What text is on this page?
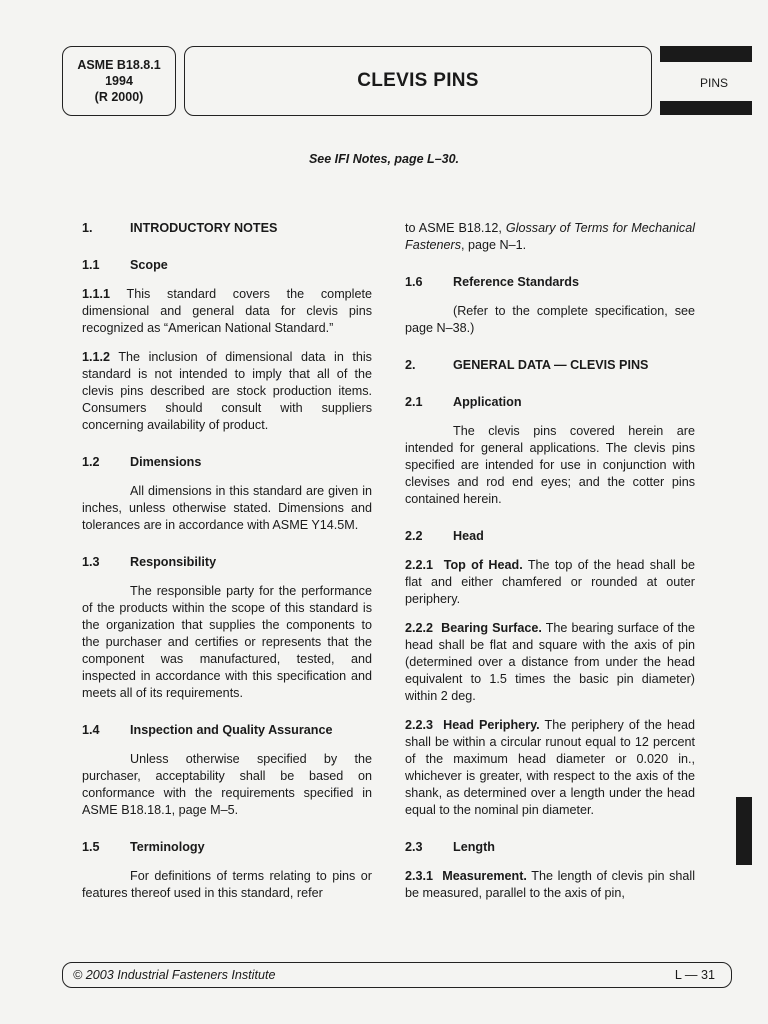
ASME B18.8.1
1994
(R 2000)
CLEVIS PINS	PINS
See IFI Notes, page L–30.
1.	INTRODUCTORY NOTES
1.1	Scope

1.1.1 This standard covers the complete dimensional and general data for clevis pins recognized as “American National Standard.”

1.1.2 The inclusion of dimensional data in this standard is not intended to imply that all of the clevis pins described are stock production items. Consumers should consult with suppliers concerning availability of product.

1.2	Dimensions

All dimensions in this standard are given in inches, unless otherwise stated. Dimensions and tolerances are in accordance with ASME Y14.5M.

1.3	Responsibility

The responsible party for the performance of the products within the scope of this standard is the organization that supplies the components to the purchaser and certifies or represents that the component was manufactured, tested, and inspected in accordance with this specification and meets all of its requirements.

1.4	Inspection and Quality Assurance

Unless otherwise specified by the purchaser, acceptability shall be based on conformance with the requirements specified in ASME B18.18.1, page M–5.

1.5	Terminology

For definitions of terms relating to pins or features thereof used in this standard, refer

to ASME B18.12, Glossary of Terms for Mechanical Fasteners, page N–1.

1.6	Reference Standards

(Refer to the complete specification, see page N–38.)

2.	GENERAL DATA — CLEVIS PINS
2.1	Application

The clevis pins covered herein are intended for general applications. The clevis pins specified are intended for use in conjunction with clevises and rod end eyes; and the cotter pins contained herein.

2.2	Head

2.2.1 Top of Head. The top of the head shall be flat and either chamfered or rounded at outer periphery.

2.2.2 Bearing Surface. The bearing surface of the head shall be flat and square with the axis of pin (determined over a distance from under the head equivalent to 1.5 times the basic pin diameter) within 2 deg.

2.2.3 Head Periphery. The periphery of the head shall be within a circular runout equal to 12 percent of the maximum head diameter or 0.020 in., whichever is greater, with respect to the axis of the shank, as determined over a length under the head equal to the nominal pin diameter.

2.3	Length

2.3.1 Measurement. The length of clevis pin shall be measured, parallel to the axis of pin,

© 2003 Industrial Fasteners Institute	L — 31
